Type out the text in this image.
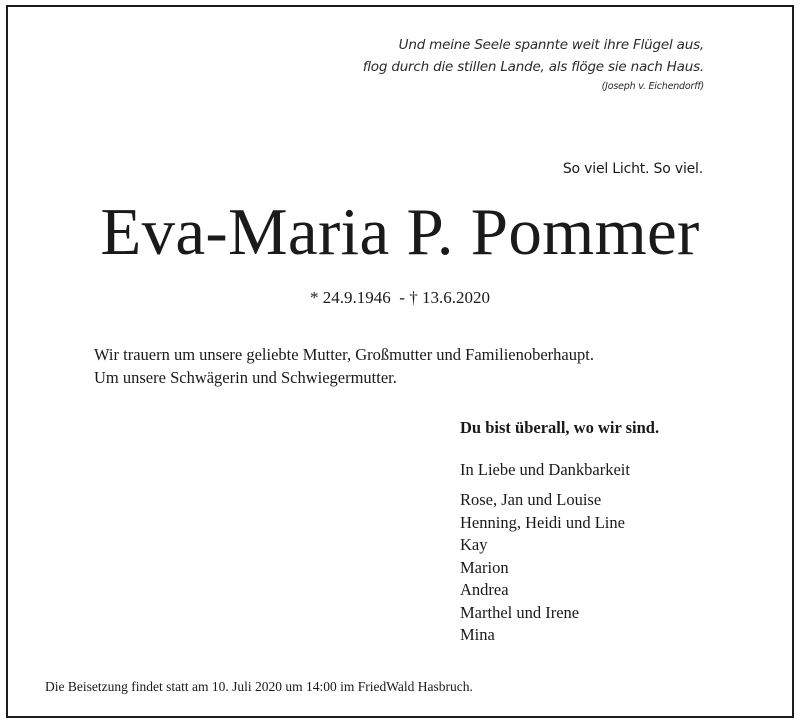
Und meine Seele spannte weit ihre Flügel aus,
flog durch die stillen Lande, als flöge sie nach Haus.
(Joseph v. Eichendorff)
So viel Licht. So viel.
Eva-Maria P. Pommer
* 24.9.1946  - † 13.6.2020
Wir trauern um unsere geliebte Mutter, Großmutter und Familienoberhaupt.
Um unsere Schwägerin und Schwiegermutter.
Du bist überall, wo wir sind.
In Liebe und Dankbarkeit
Rose, Jan und Louise
Henning, Heidi und Line
Kay
Marion
Andrea
Marthel und Irene
Mina
Die Beisetzung findet statt am 10. Juli 2020 um 14:00 im FriedWald Hasbruch.
